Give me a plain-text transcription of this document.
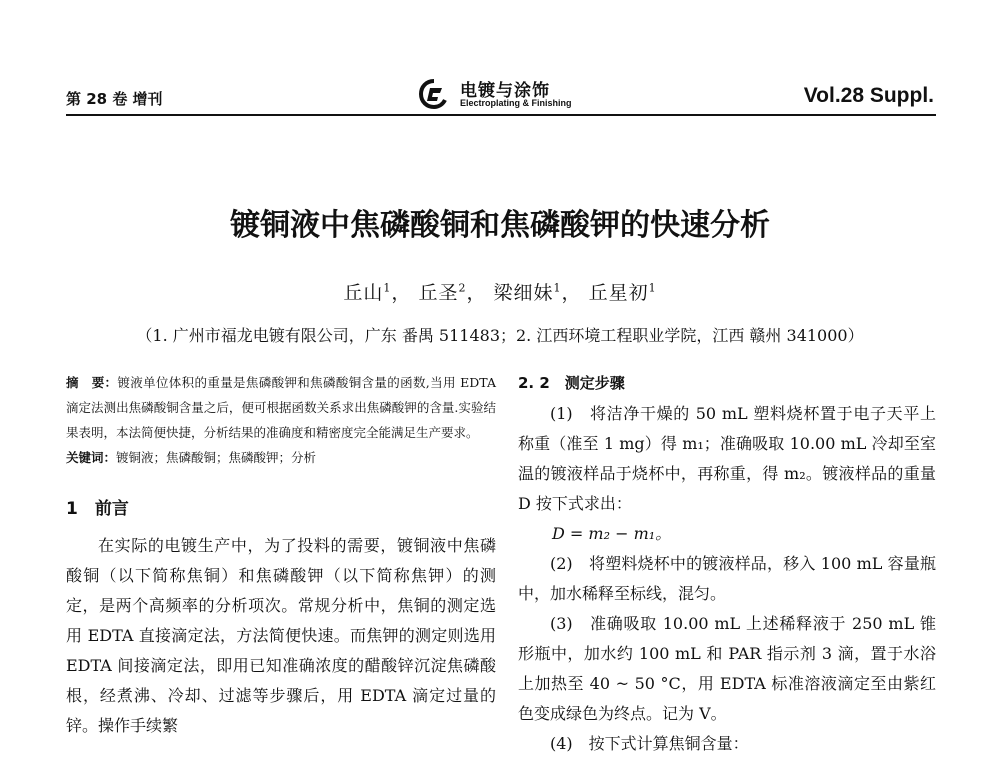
第 28 卷 增刊	电镀与涂饰
Electroplating & Finishing	Vol.28 Suppl.
镀铜液中焦磷酸铜和焦磷酸钾的快速分析
丘山$^1$， 丘圣$^2$， 梁细妹$^1$， 丘星初$^1$
（1. 广州市福龙电镀有限公司，广东 番禺 511483；2. 江西环境工程职业学院，江西 赣州 341000）

摘　要：镀液单位体积的重量是焦磷酸钾和焦磷酸铜含量的函数,当用 EDTA 滴定法测出焦磷酸铜含量之后，便可根据函数关系求出焦磷酸钾的含量.实验结果表明，本法简便快捷，分析结果的准确度和精密度完全能满足生产要求。

关键词：镀铜液；焦磷酸铜；焦磷酸钾；分析

1　前言

在实际的电镀生产中，为了投料的需要，镀铜液中焦磷酸铜（以下简称焦铜）和焦磷酸钾（以下简称焦钾）的测定，是两个高频率的分析项次。常规分析中，焦铜的测定选用 EDTA 直接滴定法，方法简便快速。而焦钾的测定则选用 EDTA 间接滴定法，即用已知准确浓度的醋酸锌沉淀焦磷酸根，经煮沸、冷却、过滤等步骤后，用 EDTA 滴定过量的锌。操作手续繁

2. 2　测定步骤

(1)　将洁净干燥的 50 mL 塑料烧杯置于电子天平上称重（准至 1 mg）得 m₁；准确吸取 10.00 mL 冷却至室温的镀液样品于烧杯中，再称重，得 m₂。镀液样品的重量 D 按下式求出：

D = m₂ − m₁。

(2)　将塑料烧杯中的镀液样品，移入 100 mL 容量瓶中，加水稀释至标线，混匀。

(3)　准确吸取 10.00 mL 上述稀释液于 250 mL 锥形瓶中，加水约 100 mL 和 PAR 指示剂 3 滴，置于水浴上加热至 40 ~ 50 °C，用 EDTA 标准溶液滴定至由紫红色变成绿色为终点。记为 V。

(4)　按下式计算焦铜含量：
